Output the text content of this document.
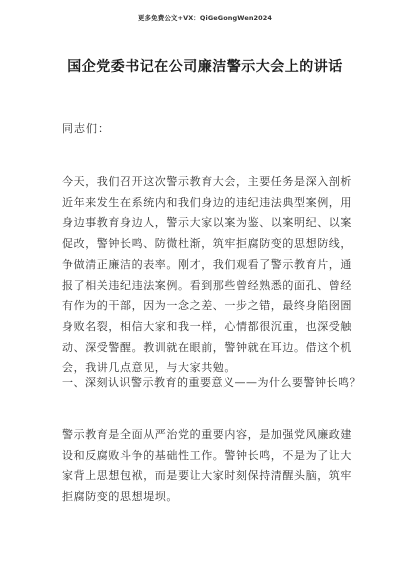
更多免费公文+VX：QiGeGongWen2024
国企党委书记在公司廉洁警示大会上的讲话
同志们：
今天，我们召开这次警示教育大会，主要任务是深入剖析近年来发生在系统内和我们身边的违纪违法典型案例，用身边事教育身边人，警示大家以案为鉴、以案明纪、以案促改，警钟长鸣、防微杜渐，筑牢拒腐防变的思想防线，争做清正廉洁的表率。刚才，我们观看了警示教育片，通报了相关违纪违法案例。看到那些曾经熟悉的面孔、曾经有作为的干部，因为一念之差、一步之错，最终身陷囹圄身败名裂，相信大家和我一样，心情都很沉重，也深受触动、深受警醒。教训就在眼前，警钟就在耳边。借这个机会，我讲几点意见，与大家共勉。
一、深刻认识警示教育的重要意义——为什么要警钟长鸣？
警示教育是全面从严治党的重要内容，是加强党风廉政建设和反腐败斗争的基础性工作。警钟长鸣，不是为了让大家背上思想包袱，而是要让大家时刻保持清醒头脑，筑牢拒腐防变的思想堤坝。
